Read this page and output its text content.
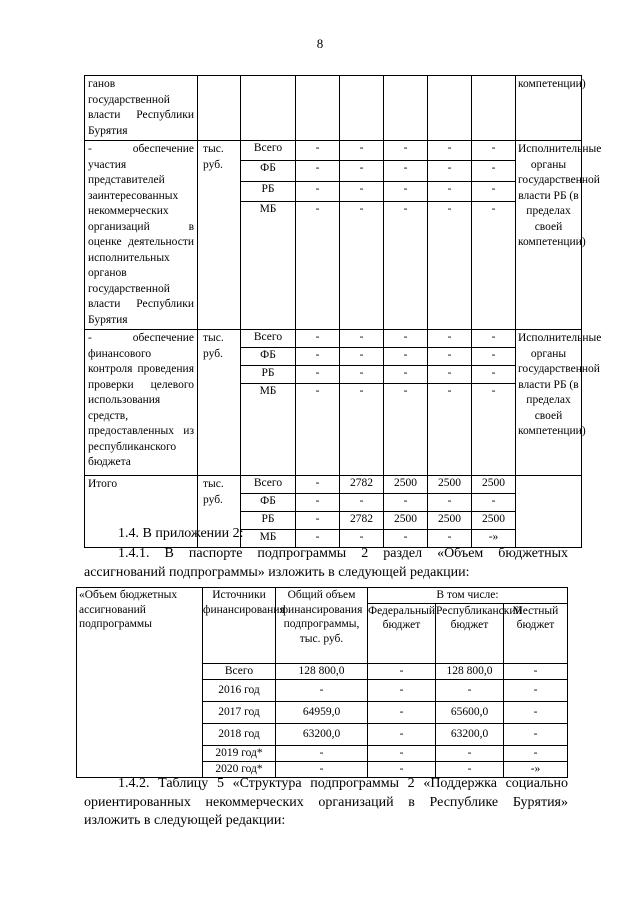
8
ганов государственной власти Республики Бурятия								компетенции)
- обеспечение участия представителей заинтересованных некоммерческих организаций в оценке деятельности исполнительных органов государственной власти Республики Бурятия	тыс. руб.	Всего	-	-	-	-	-	Исполнительные органы государственной власти РБ (в пределах своей компетенции)
		ФБ	-	-	-	-	-	
		РБ	-	-	-	-	-	
		МБ	-	-	-	-	-	
- обеспечение финансового контроля проведения проверки целевого использования средств, предоставленных из республиканского бюджета	тыс. руб.	Всего	-	-	-	-	-	Исполнительные органы государственной власти РБ (в пределах своей компетенции)
		ФБ	-	-	-	-	-	
		РБ	-	-	-	-	-	
		МБ	-	-	-	-	-	
Итого	тыс. руб.	Всего	-	2782	2500	2500	2500	
		ФБ	-	-	-	-	-	
		РБ	-	2782	2500	2500	2500	
		МБ	-	-	-	-	-»	
1.4. В приложении 2:
1.4.1. В паспорте подпрограммы 2 раздел «Объем бюджетных ассигнований подпрограммы» изложить в следующей редакции:
«Объем бюджетных ассигнований подпрограммы	Источники финансирования	Общий объем финансирования подпрограммы, тыс. руб.	В том числе:		
			Федеральный бюджет	Республиканский бюджет	Местный бюджет
	Всего	128 800,0	-	128 800,0	-
	2016 год	-	-	-	-
	2017 год	64959,0	-	65600,0	-
	2018 год	63200,0	-	63200,0	-
	2019 год*	-	-	-	-
	2020 год*	-	-	-	-»
1.4.2. Таблицу 5 «Структура подпрограммы 2 «Поддержка социально ориентированных некоммерческих организаций в Республике Бурятия» изложить в следующей редакции:
